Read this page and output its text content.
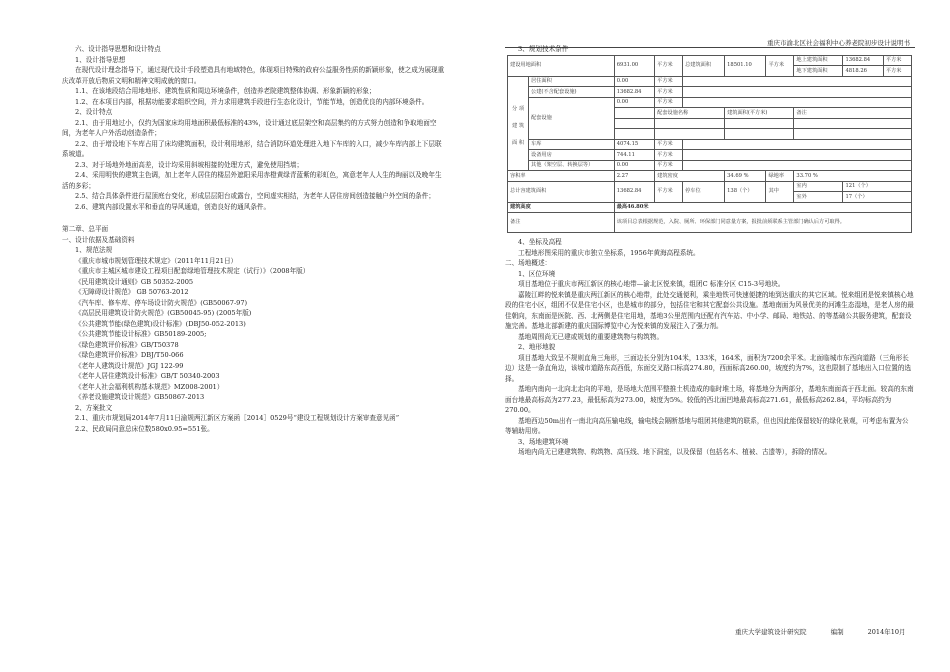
重庆市渝北区社会福利中心养老院初步设计说明书

六、设计指导思想和设计特点

1、设计指导思想

在现代设计理念指导下，通过现代设计手段塑造具有地域特色，体现项目特殊的政府公益服务性质的新颖形象，使之成为展现重庆改革开放后物质文明和精神文明成就的窗口。

1.1、在该地段结合用地地形、建筑性质和周边环境条件，创造养老院建筑整体协调、形象新颖的形象；

1.2、在本项目内部，根据功能要求组织空间，并力求用建筑手段进行生态化设计，节能节地，创造优良的内部环境条件。

2、设计特点

2.1、由于用地过小，仅约为国家床均用地面积最低标准的43%，设计通过底层架空和高层集约的方式努力创造和争取地面空间，为老年人户外活动创造条件；

2.2、由于增设地下车库占用了床均建筑面积，设计利用地形，结合消防环道处理进入地下车库的入口，减少车库内部上下层联系坡道。

2.3、对于场地外地面高差，设计均采用斜坡相接的处理方式，避免使用挡墙；

2.4、采用明快的建筑主色调，加上老年人居住的楼层外遮阳采用赤橙黄绿青蓝紫的彩虹色，寓意老年人人生的绚丽以及晚年生活的多彩；

2.5、结合具体条件进行屋顶庭台变化，形成层层阳台或露台，空间虚实相结，为老年人居住房间创造接触户外空间的条件；

2.6、建筑内部设置水平和垂直的导风通道，创造良好的通风条件。

第二章、总平面

一、设计依据及基础资料

1、规范法规

《重庆市城市规划管理技术规定》（2011年11月21日）

《重庆市主城区城市建设工程项目配套绿地管理技术规定（试行）》（2008年版）

《民用建筑设计通则》GB 50352-2005

《无障碍设计规范》 GB 50763-2012

《汽车库、修车库、停车场设计防火规范》(GB50067-97)

《高层民用建筑设计防火规范》(GB50045-95) (2005年版)

《公共建筑节能(绿色建筑)设计标准》(DBJ50-052-2013)

《公共建筑节能设计标准》GB50189-2005;

《绿色建筑评价标准》GB/T50378

《绿色建筑评价标准》DBJ/T50-066

《老年人建筑设计规范》JGJ 122-99

《老年人居住建筑设计标准》GB/T 50340-2003

《老年人社会福利机构基本规范》MZ008-2001）

《养老设施建筑设计规范》GB50867-2013

2、方案批文

2.1、重庆市规划局2014年7月11日渝规两江新区方案函［2014］0529号“建设工程规划设计方案审查意见函”

2.2、民政局同意总床位数580x0.95=551张。

3、规划技术条件

建设用地面积		6931.00	平方米	总建筑面积	18501.10	平方米	地上建筑面积	13682.84	平方米
							地下建筑面积	4818.26	平方米
分 项 建 筑 面 积	居住面积	0.00	平方米						
	公建(不含配套设施)	13682.84	平方米						
	配套设施	0.00	平方米						
			配套设施名称		建筑面积(平方米)		备注		

	车库	4074.15	平方米						
	设备用房	744.11	平方米						
	其他（架空层、转换层等）	0.00	平方米						
容积率		2.27	建筑密度		34.69 %	绿地率	33.70 %		
总计容建筑面积		13682.84	平方米	停车位	138（个）	其中	室内	121（个）	
							室外	17（个）	
建筑高度		最高46.80米							
备注		该项目总表根据规范，入院、厕所、环保部门同意量方案，报批前须联系主管部门确认后方可取得。							

4、坐标及高程

工程地形图采用的重庆市独立坐标系，1956年黄海高程系统。

二、场地概述：

1、区位环境

项目基地位于重庆市两江新区的核心地带—渝北区悦来镇，组团C 标准分区 C15-3号地块。

嘉陵江畔的悦来镇是重庆两江新区的核心地带，此处交通便利，乘坐地铁可快速便捷的地到达重庆的其它区域。悦来组团是悦来镇核心地段的住宅小区，组团不仅是住宅小区，也是城市的部分，包括住宅和其它配套公共设施。基地南面为风景优美的河滩生态湿地，是老人房的最佳朝向，东南面是医院、西、北两侧是住宅用地，基地3公里范围内还配有汽车站、中小学、邮局、地铁站、的等基础公共服务建筑，配套设施完善。基地北部新建的重庆国际博览中心为悦来镇的发展注入了强力剂。

基地周围尚无已建或规划的重要建筑物与构筑物。

2、地形地貌

项目基地大致呈不规则直角三角形，三面边长分别为104米，133米，164米，面积为7200余平米。北面临城市东西向道路（三角形长边）这是一条直角边，该城市道路东高西低，东面交叉路口标高274.80，西面标高260.00，坡度约为7%，这也限制了基地出入口位置的选择。

基地内南向一北向北走向的平地，是场地大范围平整推土机造成的临时堆土场，将基地分为两部分，基地东南面高于西北面。较高的东南面台地最高标高为277.23，最低标高为273.00，坡度为5%。较低的西北面凹地最高标高271.61，最低标高262.84，平均标高约为270.00。

基地西边50m出有一南北向高压输电线，输电线会隔断基地与组团其他建筑的联系，但也因此能保留较好的绿化景观，可考虑布置为公等辅助用房。

3、场地建筑环境

场地内尚无已建建筑物、构筑物、高压线、地下洞室，以及保留（包括名木、植被、古遗等），拆除的情况。

重庆大学建筑设计研究院	编制	2014年10月
